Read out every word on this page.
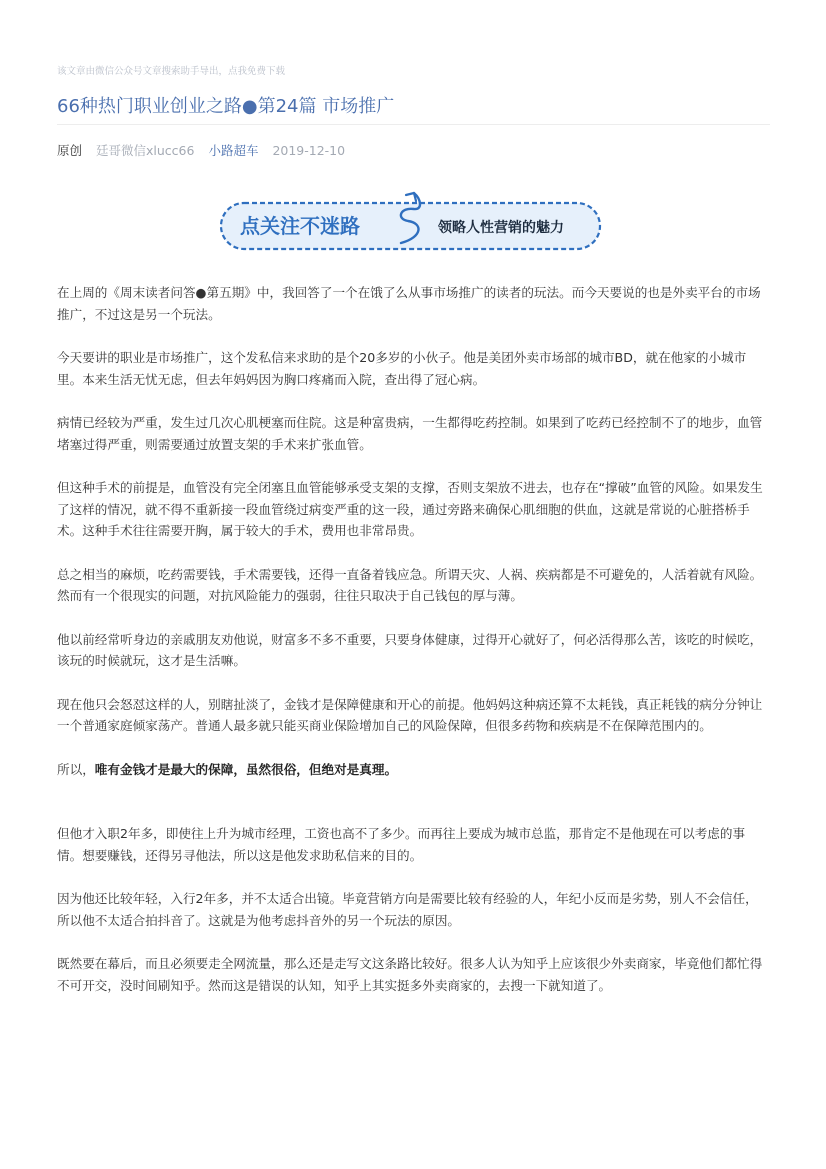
该文章由微信公众号文章搜索助手导出，点我免费下载
66种热门职业创业之路●第24篇 市场推广
原创 廷哥微信xlucc66 小路超车 2019-12-10
点关注不迷路	领略人性营销的魅力

在上周的《周末读者问答●第五期》中，我回答了一个在饿了么从事市场推广的读者的玩法。而今天要说的也是外卖平台的市场推广，不过这是另一个玩法。

今天要讲的职业是市场推广，这个发私信来求助的是个20多岁的小伙子。他是美团外卖市场部的城市BD，就在他家的小城市里。本来生活无忧无虑，但去年妈妈因为胸口疼痛而入院，查出得了冠心病。

病情已经较为严重，发生过几次心肌梗塞而住院。这是种富贵病，一生都得吃药控制。如果到了吃药已经控制不了的地步，血管堵塞过得严重，则需要通过放置支架的手术来扩张血管。

但这种手术的前提是，血管没有完全闭塞且血管能够承受支架的支撑，否则支架放不进去，也存在“撑破”血管的风险。如果发生了这样的情况，就不得不重新接一段血管绕过病变严重的这一段，通过旁路来确保心肌细胞的供血，这就是常说的心脏搭桥手术。这种手术往往需要开胸，属于较大的手术，费用也非常昂贵。

总之相当的麻烦，吃药需要钱，手术需要钱，还得一直备着钱应急。所谓天灾、人祸、疾病都是不可避免的，人活着就有风险。然而有一个很现实的问题，对抗风险能力的强弱，往往只取决于自己钱包的厚与薄。

他以前经常听身边的亲戚朋友劝他说，财富多不多不重要，只要身体健康，过得开心就好了，何必活得那么苦，该吃的时候吃，该玩的时候就玩，这才是生活嘛。

现在他只会怒怼这样的人，别瞎扯淡了，金钱才是保障健康和开心的前提。他妈妈这种病还算不太耗钱，真正耗钱的病分分钟让一个普通家庭倾家荡产。普通人最多就只能买商业保险增加自己的风险保障，但很多药物和疾病是不在保障范围内的。

所以，唯有金钱才是最大的保障，虽然很俗，但绝对是真理。

但他才入职2年多，即使往上升为城市经理，工资也高不了多少。而再往上要成为城市总监，那肯定不是他现在可以考虑的事情。想要赚钱，还得另寻他法，所以这是他发求助私信来的目的。

因为他还比较年轻，入行2年多，并不太适合出镜。毕竟营销方向是需要比较有经验的人，年纪小反而是劣势，别人不会信任，所以他不太适合拍抖音了。这就是为他考虑抖音外的另一个玩法的原因。

既然要在幕后，而且必须要走全网流量，那么还是走写文这条路比较好。很多人认为知乎上应该很少外卖商家，毕竟他们都忙得不可开交，没时间刷知乎。然而这是错误的认知，知乎上其实挺多外卖商家的，去搜一下就知道了。
